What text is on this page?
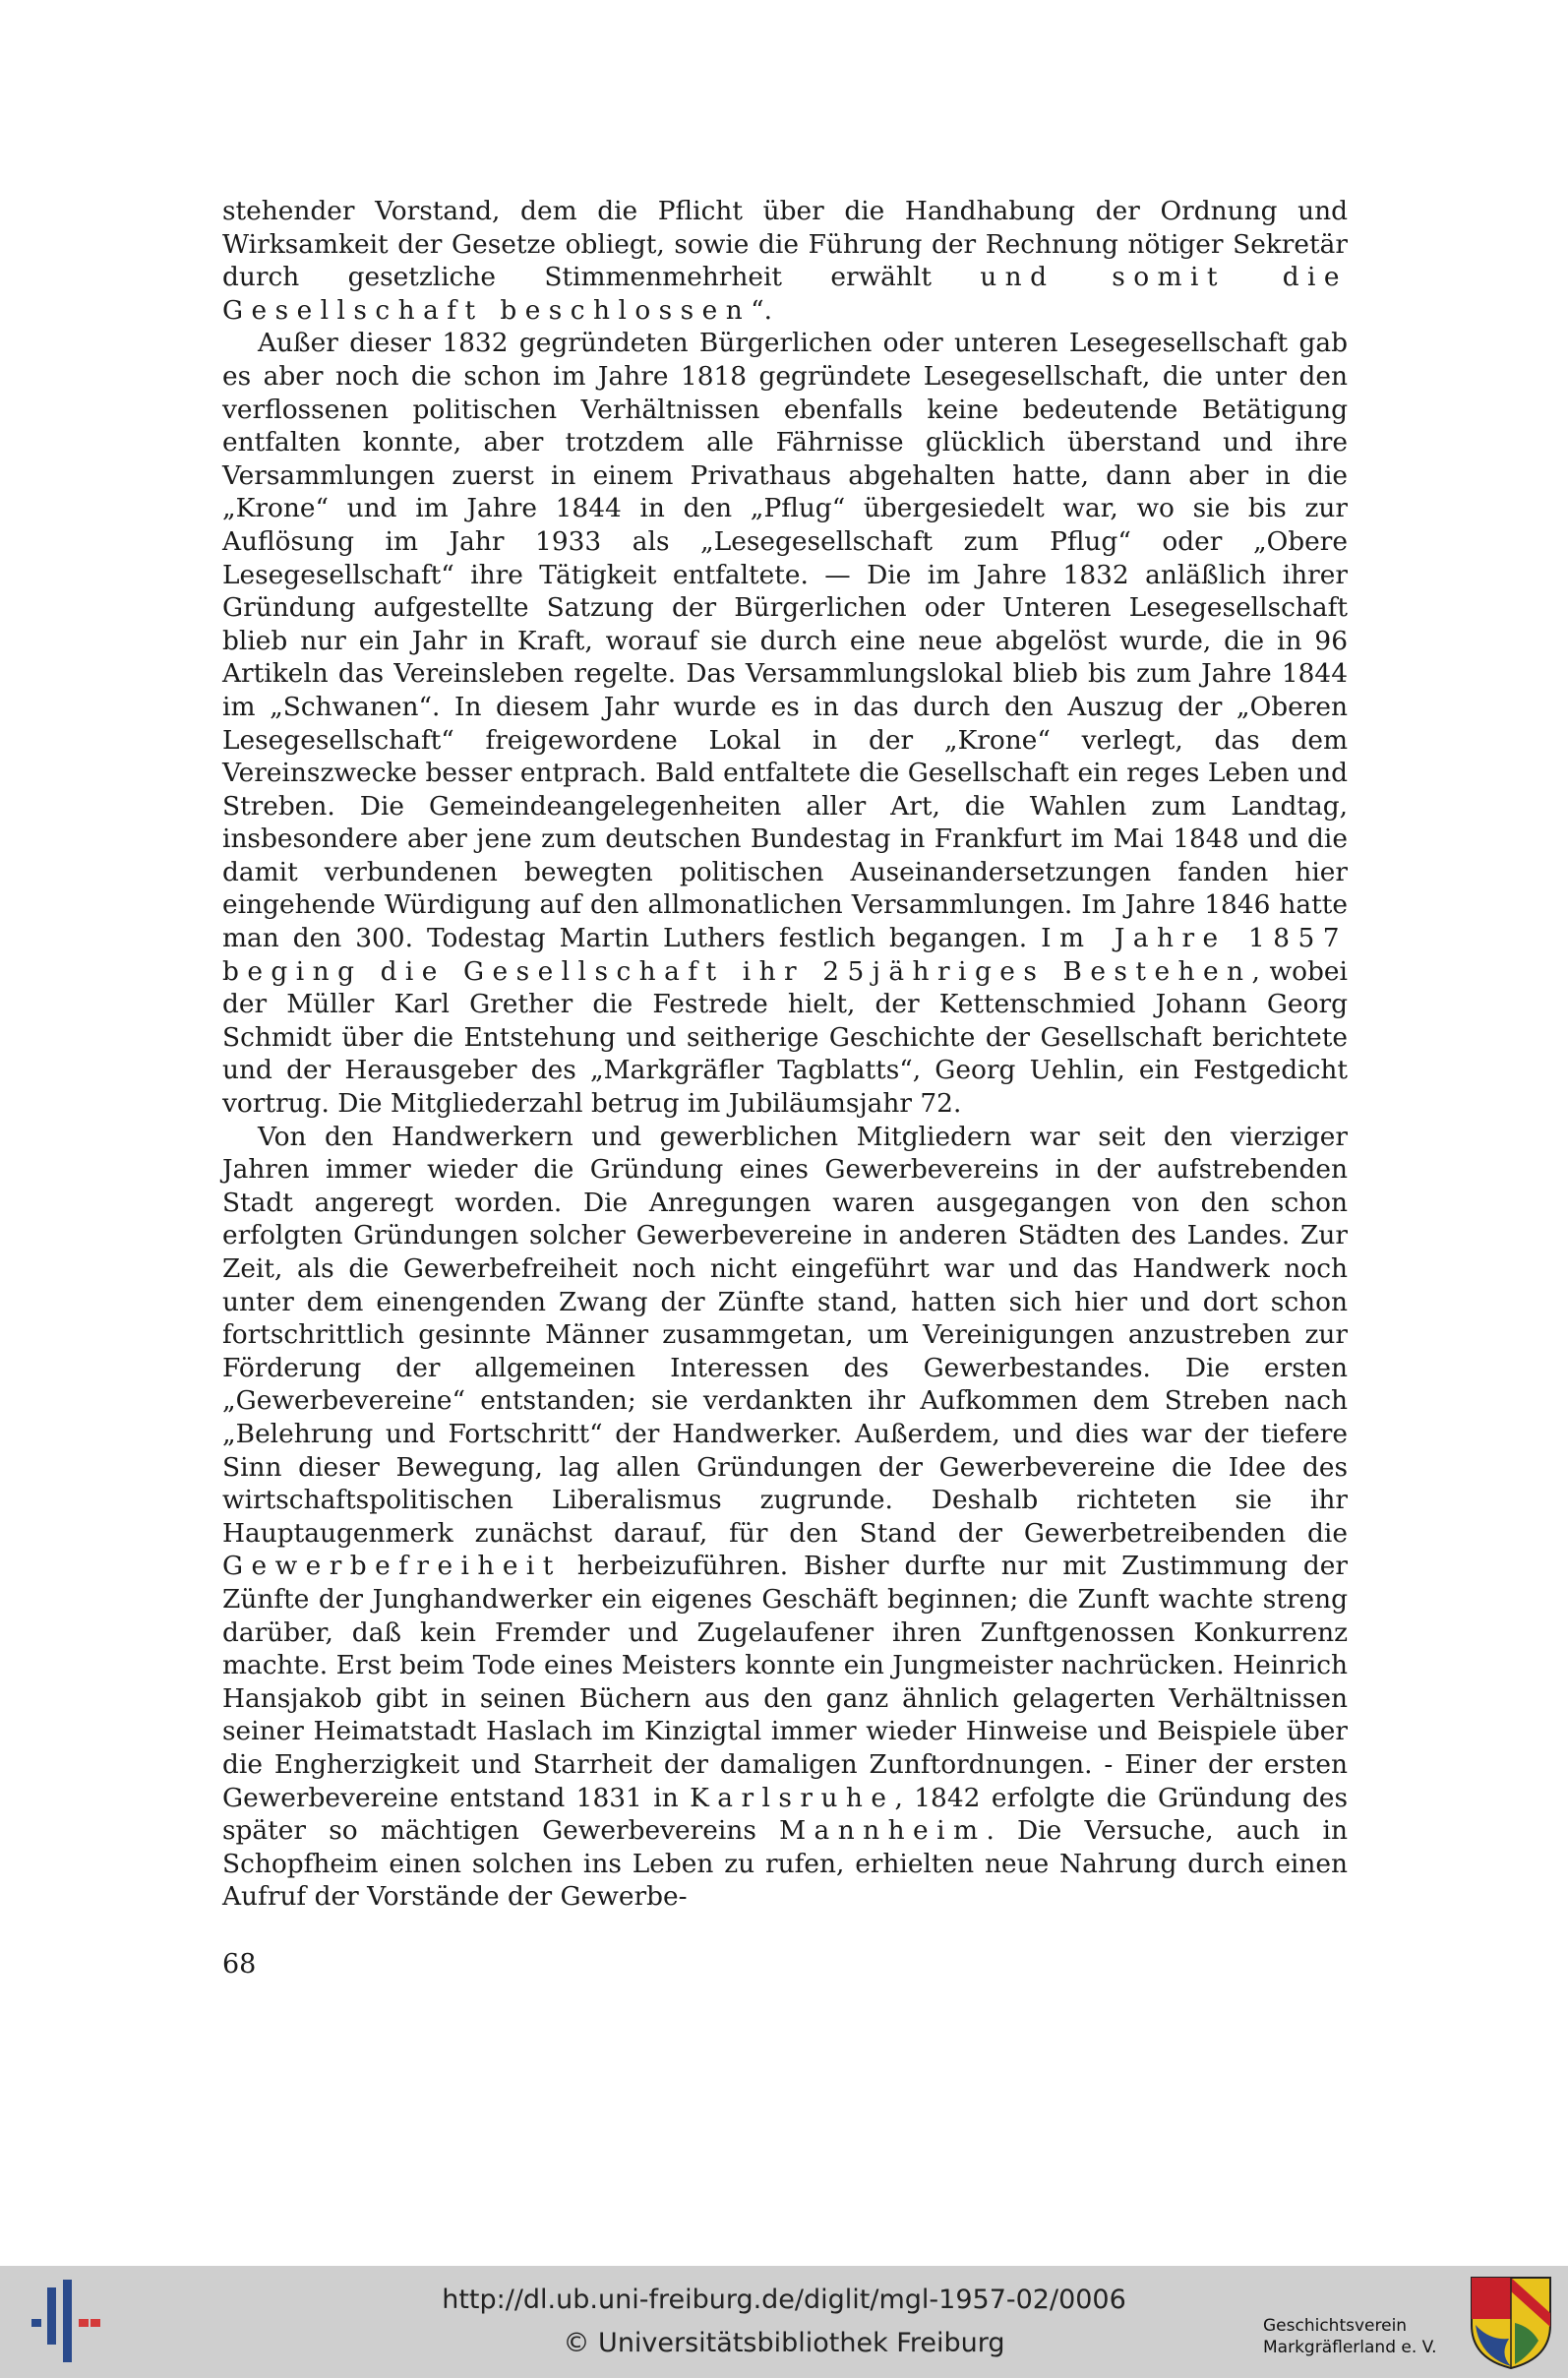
stehender Vorstand, dem die Pflicht über die Handhabung der Ordnung und Wirksamkeit der Gesetze obliegt, sowie die Führung der Rechnung nötiger Sekretär durch gesetzliche Stimmenmehrheit erwählt und somit die Gesellschaft beschlossen“.

Außer dieser 1832 gegründeten Bürgerlichen oder unteren Lesegesellschaft gab es aber noch die schon im Jahre 1818 gegründete Lesegesellschaft, die unter den verflossenen politischen Verhältnissen ebenfalls keine bedeutende Betätigung entfalten konnte, aber trotzdem alle Fährnisse glücklich überstand und ihre Versammlungen zuerst in einem Privathaus abgehalten hatte, dann aber in die „Krone“ und im Jahre 1844 in den „Pflug“ übergesiedelt war, wo sie bis zur Auflösung im Jahr 1933 als „Lesegesellschaft zum Pflug“ oder „Obere Lesegesellschaft“ ihre Tätigkeit entfaltete. — Die im Jahre 1832 anläßlich ihrer Gründung aufgestellte Satzung der Bürgerlichen oder Unteren Lesegesellschaft blieb nur ein Jahr in Kraft, worauf sie durch eine neue abgelöst wurde, die in 96 Artikeln das Vereinsleben regelte. Das Versammlungslokal blieb bis zum Jahre 1844 im „Schwanen“. In diesem Jahr wurde es in das durch den Auszug der „Oberen Lesegesellschaft“ freigewordene Lokal in der „Krone“ verlegt, das dem Vereinszwecke besser entprach. Bald entfaltete die Gesellschaft ein reges Leben und Streben. Die Gemeindeangelegenheiten aller Art, die Wahlen zum Landtag, insbesondere aber jene zum deutschen Bundestag in Frankfurt im Mai 1848 und die damit verbundenen bewegten politischen Auseinandersetzungen fanden hier eingehende Würdigung auf den allmonatlichen Versammlungen. Im Jahre 1846 hatte man den 300. Todestag Martin Luthers festlich begangen. Im Jahre 1857 beging die Gesellschaft ihr 25jähriges Bestehen, wobei der Müller Karl Grether die Festrede hielt, der Kettenschmied Johann Georg Schmidt über die Entstehung und seitherige Geschichte der Gesellschaft berichtete und der Herausgeber des „Markgräfler Tagblatts“, Georg Uehlin, ein Festgedicht vortrug. Die Mitgliederzahl betrug im Jubiläumsjahr 72.

Von den Handwerkern und gewerblichen Mitgliedern war seit den vierziger Jahren immer wieder die Gründung eines Gewerbevereins in der aufstrebenden Stadt angeregt worden. Die Anregungen waren ausgegangen von den schon erfolgten Gründungen solcher Gewerbevereine in anderen Städten des Landes. Zur Zeit, als die Gewerbefreiheit noch nicht eingeführt war und das Handwerk noch unter dem einengenden Zwang der Zünfte stand, hatten sich hier und dort schon fortschrittlich gesinnte Männer zusammgetan, um Vereinigungen anzustreben zur Förderung der allgemeinen Interessen des Gewerbestandes. Die ersten „Gewerbevereine“ entstanden; sie verdankten ihr Aufkommen dem Streben nach „Belehrung und Fortschritt“ der Handwerker. Außerdem, und dies war der tiefere Sinn dieser Bewegung, lag allen Gründungen der Gewerbevereine die Idee des wirtschaftspolitischen Liberalismus zugrunde. Deshalb richteten sie ihr Hauptaugenmerk zunächst darauf, für den Stand der Gewerbetreibenden die Gewerbefreiheit herbeizuführen. Bisher durfte nur mit Zustimmung der Zünfte der Junghandwerker ein eigenes Geschäft beginnen; die Zunft wachte streng darüber, daß kein Fremder und Zugelaufener ihren Zunftgenossen Konkurrenz machte. Erst beim Tode eines Meisters konnte ein Jungmeister nachrücken. Heinrich Hansjakob gibt in seinen Büchern aus den ganz ähnlich gelagerten Verhältnissen seiner Heimatstadt Haslach im Kinzigtal immer wieder Hinweise und Beispiele über die Engherzigkeit und Starrheit der damaligen Zunftordnungen. - Einer der ersten Gewerbevereine entstand 1831 in Karlsruhe, 1842 erfolgte die Gründung des später so mächtigen Gewerbevereins Mannheim. Die Versuche, auch in Schopfheim einen solchen ins Leben zu rufen, erhielten neue Nahrung durch einen Aufruf der Vorstände der Gewerbe-

68
http://dl.ub.uni-freiburg.de/diglit/mgl-1957-02/0006
© Universitätsbibliothek Freiburg
Geschichtsverein
Markgräflerland e. V.
